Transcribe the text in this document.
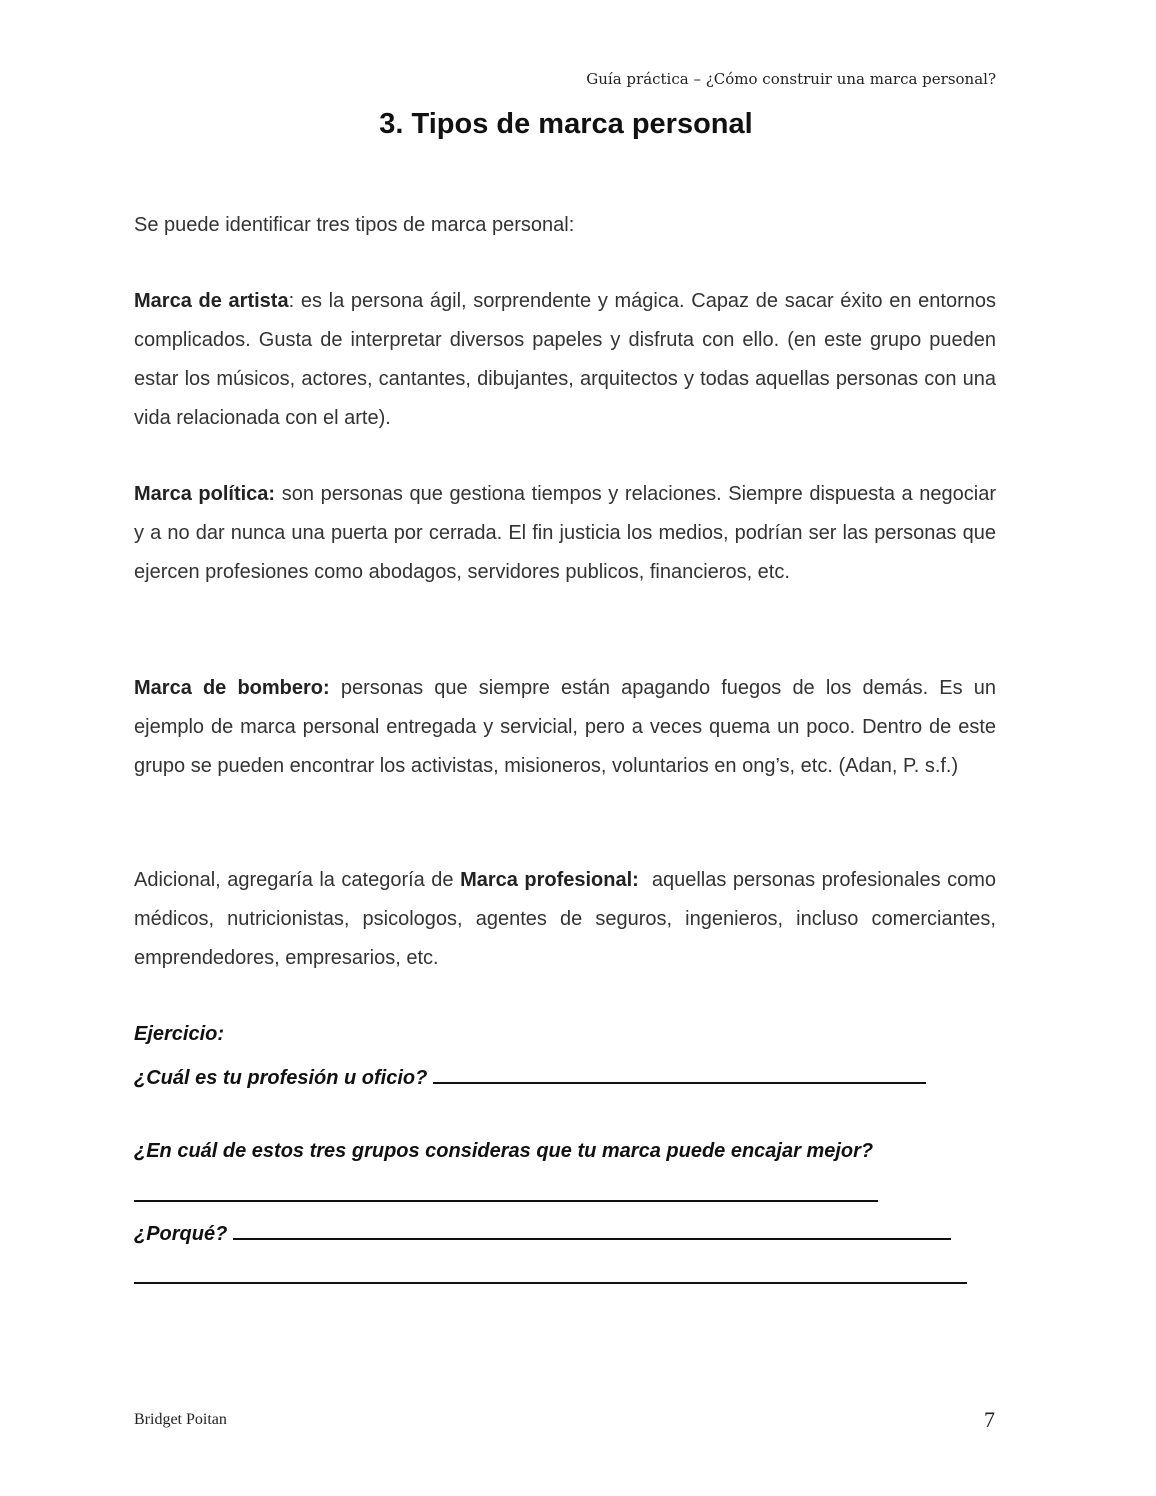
Guía práctica – ¿Cómo construir una marca personal?
3. Tipos de marca personal
Se puede identificar tres tipos de marca personal:
Marca de artista: es la persona ágil, sorprendente y mágica. Capaz de sacar éxito en entornos complicados. Gusta de interpretar diversos papeles y disfruta con ello. (en este grupo pueden estar los músicos, actores, cantantes, dibujantes, arquitectos y todas aquellas personas con una vida relacionada con el arte).
Marca política: son personas que gestiona tiempos y relaciones. Siempre dispuesta a negociar y a no dar nunca una puerta por cerrada. El fin justicia los medios, podrían ser las personas que ejercen profesiones como abodagos, servidores publicos, financieros, etc.
Marca de bombero: personas que siempre están apagando fuegos de los demás. Es un ejemplo de marca personal entregada y servicial, pero a veces quema un poco. Dentro de este grupo se pueden encontrar los activistas, misioneros, voluntarios en ong’s, etc. (Adan, P. s.f.)
Adicional, agregaría la categoría de Marca profesional:  aquellas personas profesionales como médicos, nutricionistas, psicologos, agentes de seguros, ingenieros, incluso comerciantes, emprendedores, empresarios, etc.
Ejercicio:
¿Cuál es tu profesión u oficio?
¿En cuál de estos tres grupos consideras que tu marca puede encajar mejor?
¿Porqué?
Bridget Poitan	7
